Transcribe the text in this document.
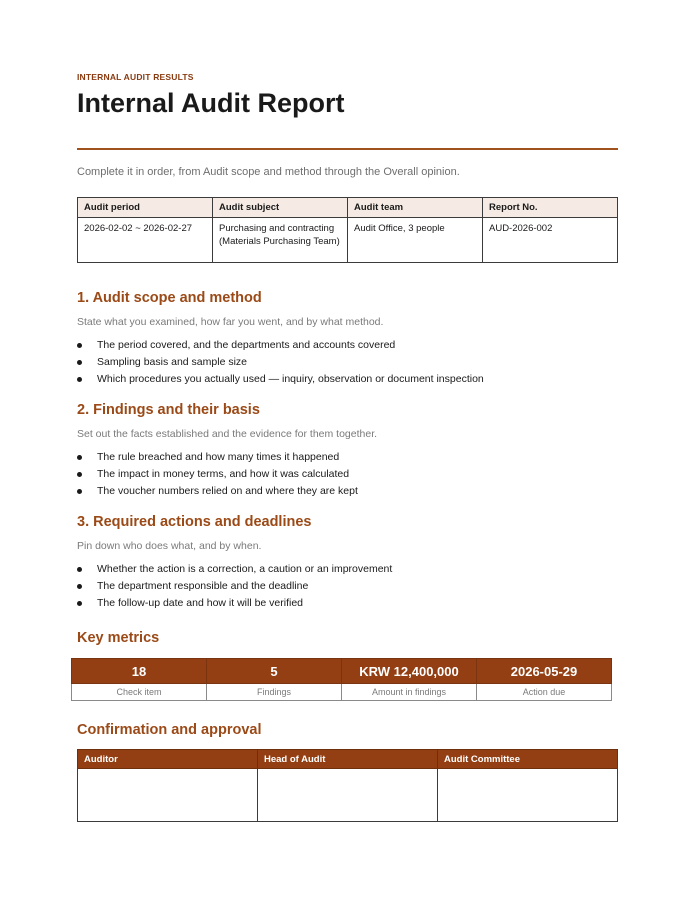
INTERNAL AUDIT RESULTS
Internal Audit Report
Complete it in order, from Audit scope and method through the Overall opinion.
Audit period	Audit subject	Audit team	Report No.
2026-02-02 ~ 2026-02-27	Purchasing and contracting (Materials Purchasing Team)	Audit Office, 3 people	AUD-2026-002
1. Audit scope and method
State what you examined, how far you went, and by what method.
The period covered, and the departments and accounts covered
Sampling basis and sample size
Which procedures you actually used — inquiry, observation or document inspection
2. Findings and their basis
Set out the facts established and the evidence for them together.
The rule breached and how many times it happened
The impact in money terms, and how it was calculated
The voucher numbers relied on and where they are kept
3. Required actions and deadlines
Pin down who does what, and by when.
Whether the action is a correction, a caution or an improvement
The department responsible and the deadline
The follow-up date and how it will be verified
Key metrics
18	5	KRW 12,400,000	2026-05-29
Check item	Findings	Amount in findings	Action due
Confirmation and approval
Auditor	Head of Audit	Audit Committee
